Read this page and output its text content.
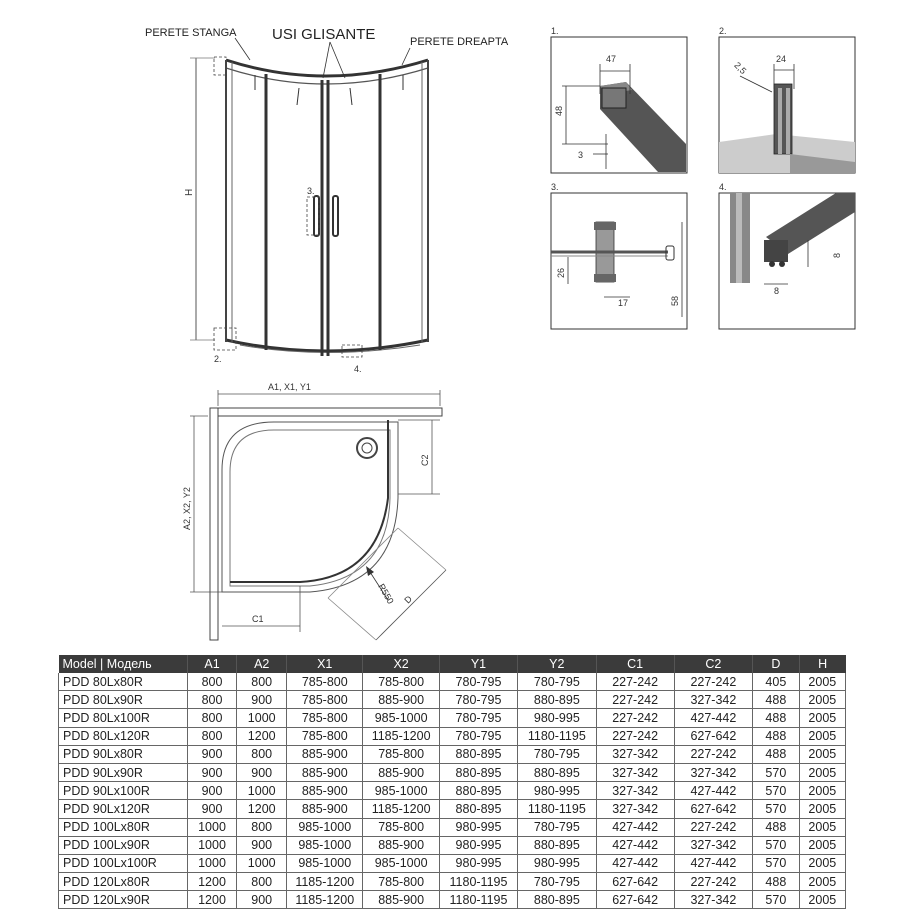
3.
2.
4.
H
PERETE STANGA USI GLISANTE	PERETE DREAPTA
1.
47
48
3
2.
2,5
24
3.
26
17	58
4.
8
8
A1, X1, Y1
A2, X2, Y2
C1
C2
R550 D
Model | Модель	A1	A2	X1	X2	Y1	Y2	C1	C2	D	H
PDD 80Lx80R	800	800	785-800	785-800	780-795	780-795	227-242	227-242	405	2005
PDD 80Lx90R	800	900	785-800	885-900	780-795	880-895	227-242	327-342	488	2005
PDD 80Lx100R	800	1000	785-800	985-1000	780-795	980-995	227-242	427-442	488	2005
PDD 80Lx120R	800	1200	785-800	1185-1200	780-795	1180-1195	227-242	627-642	488	2005
PDD 90Lx80R	900	800	885-900	785-800	880-895	780-795	327-342	227-242	488	2005
PDD 90Lx90R	900	900	885-900	885-900	880-895	880-895	327-342	327-342	570	2005
PDD 90Lx100R	900	1000	885-900	985-1000	880-895	980-995	327-342	427-442	570	2005
PDD 90Lx120R	900	1200	885-900	1185-1200	880-895	1180-1195	327-342	627-642	570	2005
PDD 100Lx80R	1000	800	985-1000	785-800	980-995	780-795	427-442	227-242	488	2005
PDD 100Lx90R	1000	900	985-1000	885-900	980-995	880-895	427-442	327-342	570	2005
PDD 100Lx100R	1000	1000	985-1000	985-1000	980-995	980-995	427-442	427-442	570	2005
PDD 120Lx80R	1200	800	1185-1200	785-800	1180-1195	780-795	627-642	227-242	488	2005
PDD 120Lx90R	1200	900	1185-1200	885-900	1180-1195	880-895	627-642	327-342	570	2005
